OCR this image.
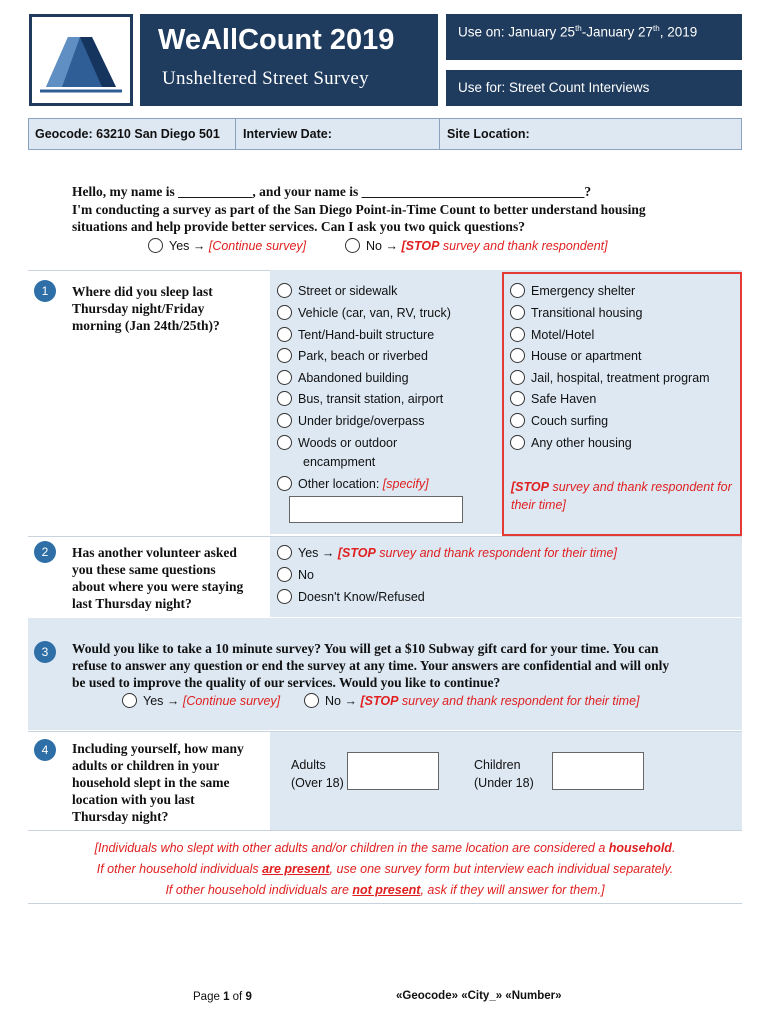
WeAllCount 2019
Unsheltered Street Survey
Use on: January 25th-January 27th, 2019
Use for: Street Count Interviews
Geocode: 63210 San Diego 501 Interview Date:	Site Location:
Hello, my name is ___________, and your name is _________________________________?
I'm conducting a survey as part of the San Diego Point-in-Time Count to better understand housing
situations and help provide better services. Can I ask you two quick questions?
Yes → [Continue survey]	No → [STOP survey and thank respondent]
1	Where did you sleep last
Thursday night/Friday
morning (Jan 24th/25th)?
Street or sidewalk
Vehicle (car, van, RV, truck)
Tent/Hand-built structure
Park, beach or riverbed
Abandoned building
Bus, transit station, airport
Under bridge/overpass
Woods or outdoor
encampment
Other location: [specify]
Emergency shelter
Transitional housing
Motel/Hotel
House or apartment
Jail, hospital, treatment program
Safe Haven
Couch surfing
Any other housing
[STOP survey and thank respondent for
their time]
2	Has another volunteer asked
you these same questions
about where you were staying
last Thursday night?
Yes → [STOP survey and thank respondent for their time]
No
Doesn't Know/Refused
3	Would you like to take a 10 minute survey? You will get a $10 Subway gift card for your time. You can
refuse to answer any question or end the survey at any time. Your answers are confidential and will only
be used to improve the quality of our services. Would you like to continue?
Yes → [Continue survey]	No → [STOP survey and thank respondent for their time]
4	Including yourself, how many
adults or children in your
household slept in the same
location with you last
Thursday night?
Adults
(Over 18)
Children
(Under 18)
[Individuals who slept with other adults and/or children in the same location are considered a household.
If other household individuals are present, use one survey form but interview each individual separately.
If other household individuals are not present, ask if they will answer for them.]
Page 1 of 9	«Geocode» «City_» «Number»
